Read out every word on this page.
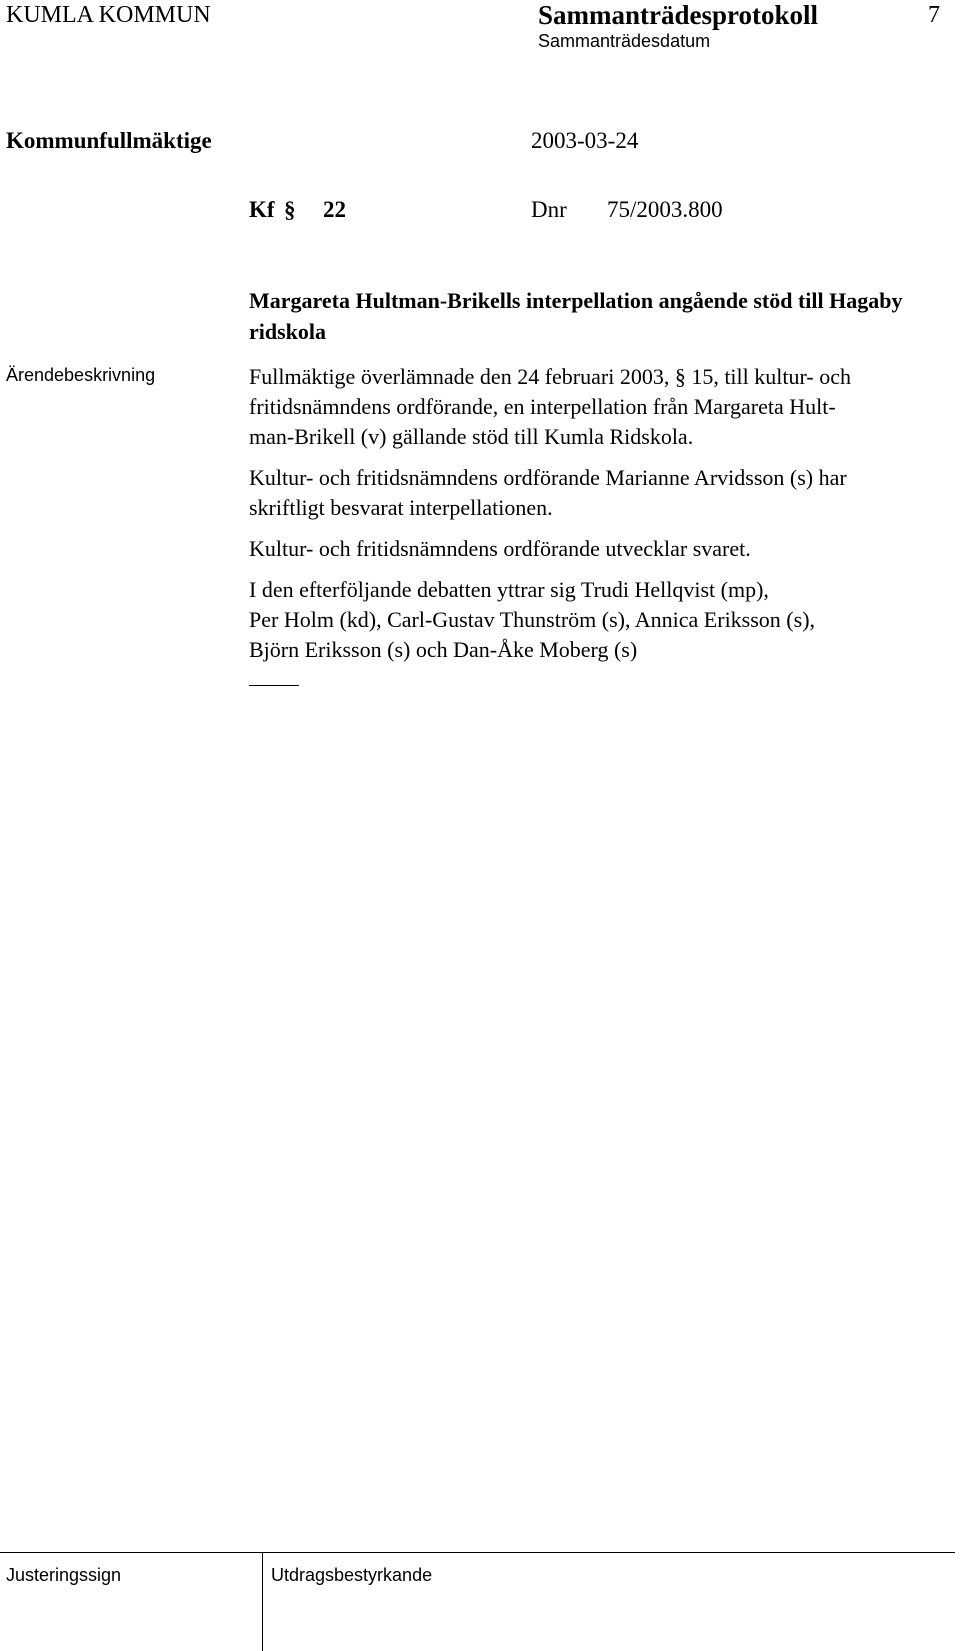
KUMLA KOMMUN	Sammanträdesprotokoll	7
Sammanträdesdatum
Kommunfullmäktige	2003-03-24
Kf § 22	Dnr 75/2003.800
Margareta Hultman-Brikells interpellation angående stöd till Hagaby ridskola
Ärendebeskrivning	Fullmäktige överlämnade den 24 februari 2003, § 15, till kultur- och
fritidsnämndens ordförande, en interpellation från Margareta Hult-
man-Brikell (v) gällande stöd till Kumla Ridskola.

Kultur- och fritidsnämndens ordförande Marianne Arvidsson (s) har
skriftligt besvarat interpellationen.

Kultur- och fritidsnämndens ordförande utvecklar svaret.

I den efterföljande debatten yttrar sig Trudi Hellqvist (mp),
Per Holm (kd), Carl-Gustav Thunström (s), Annica Eriksson (s),
Björn Eriksson (s) och Dan-Åke Moberg (s)

Justeringssign	Utdragsbestyrkande
